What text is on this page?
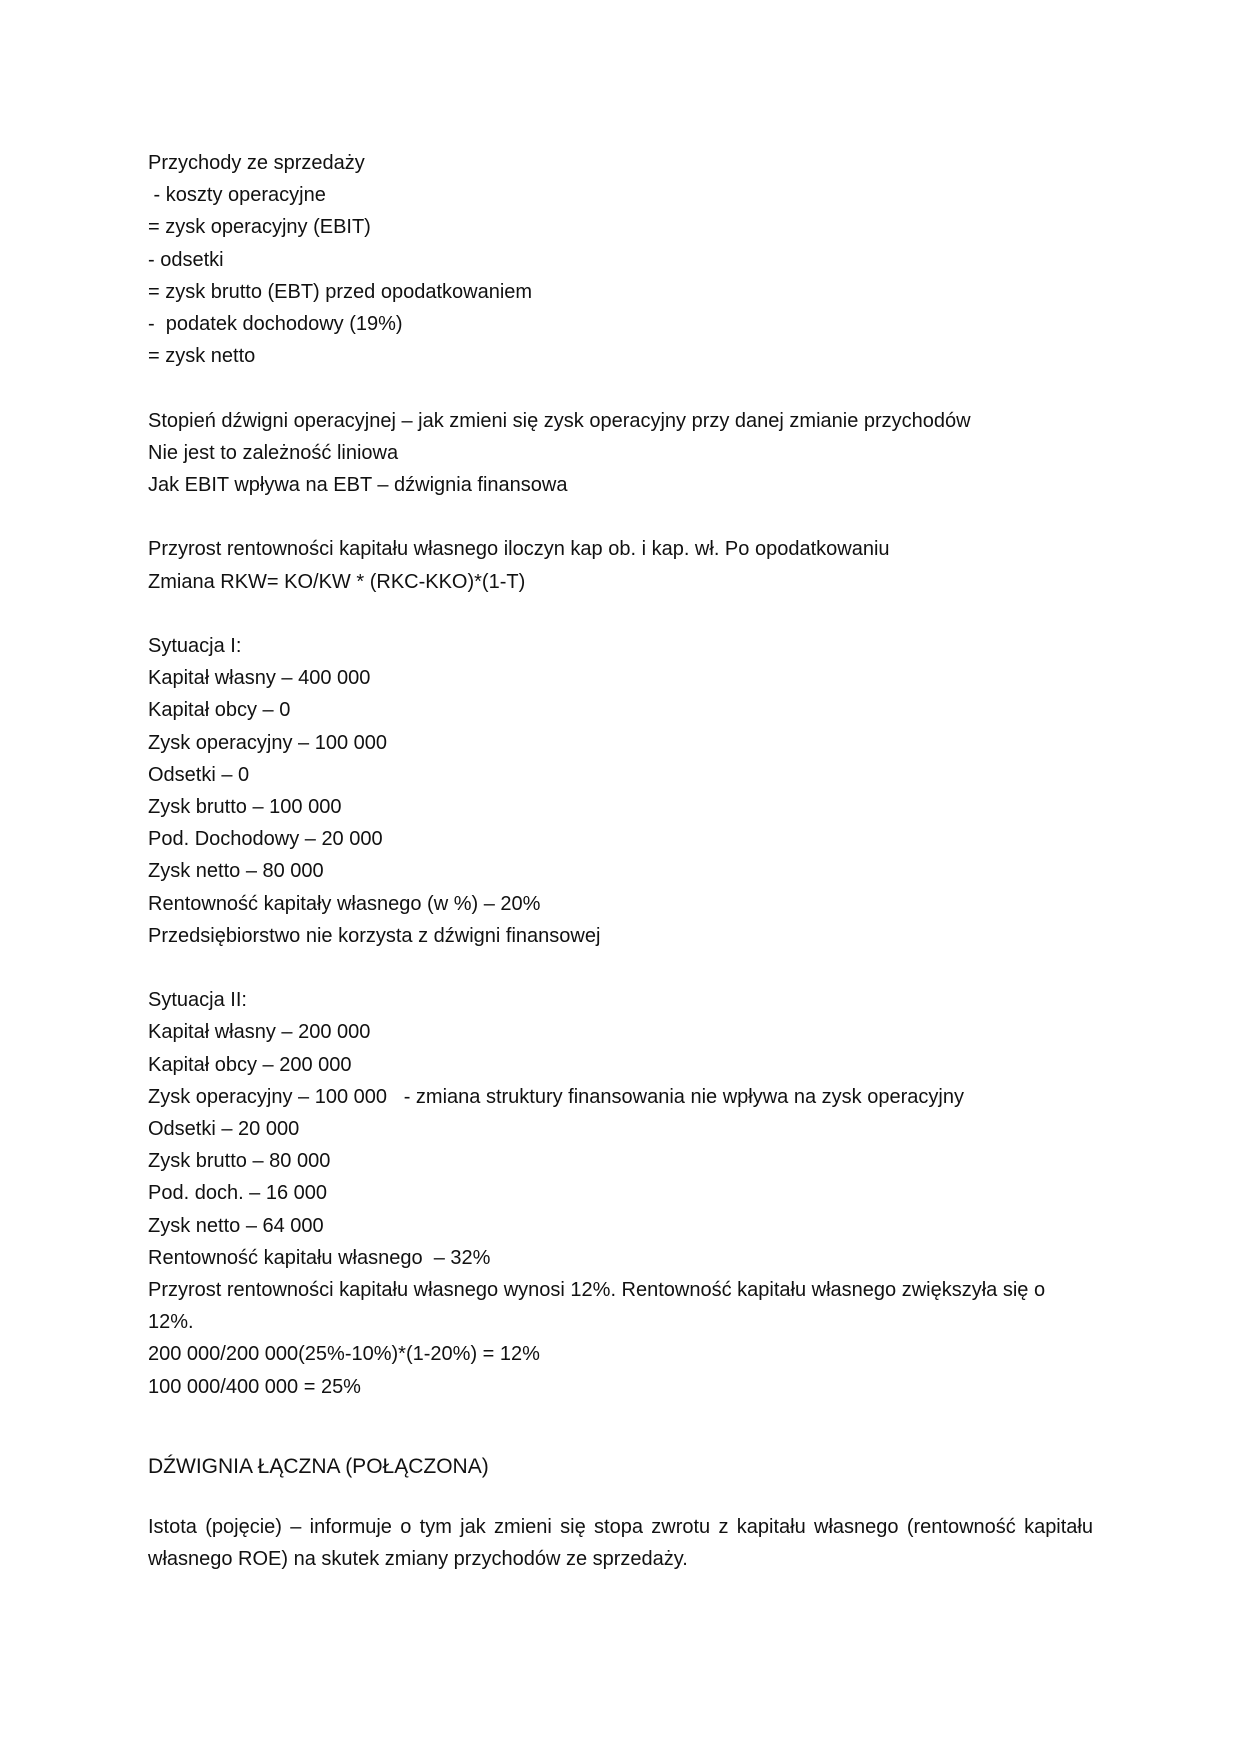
Przychody ze sprzedaży

- koszty operacyjne

= zysk operacyjny (EBIT)

- odsetki

= zysk brutto (EBT) przed opodatkowaniem

-  podatek dochodowy (19%)

= zysk netto

Stopień dźwigni operacyjnej – jak zmieni się zysk operacyjny przy danej zmianie przychodów

Nie jest to zależność liniowa

Jak EBIT wpływa na EBT – dźwignia finansowa

Przyrost rentowności kapitału własnego iloczyn kap ob. i kap. wł. Po opodatkowaniu

Zmiana RKW= KO/KW * (RKC-KKO)*(1-T)

Sytuacja I:

Kapitał własny – 400 000

Kapitał obcy – 0

Zysk operacyjny – 100 000

Odsetki – 0

Zysk brutto – 100 000

Pod. Dochodowy – 20 000

Zysk netto – 80 000

Rentowność kapitały własnego (w %) – 20%

Przedsiębiorstwo nie korzysta z dźwigni finansowej

Sytuacja II:

Kapitał własny – 200 000

Kapitał obcy – 200 000

Zysk operacyjny – 100 000   - zmiana struktury finansowania nie wpływa na zysk operacyjny

Odsetki – 20 000

Zysk brutto – 80 000

Pod. doch. – 16 000

Zysk netto – 64 000

Rentowność kapitału własnego  – 32%

Przyrost rentowności kapitału własnego wynosi 12%. Rentowność kapitału własnego zwiększyła się o 12%.

200 000/200 000(25%-10%)*(1-20%) = 12%

100 000/400 000 = 25%

DŹWIGNIA ŁĄCZNA (POŁĄCZONA)

Istota (pojęcie) – informuje o tym jak zmieni się stopa zwrotu z kapitału własnego (rentowność kapitału własnego ROE) na skutek zmiany przychodów ze sprzedaży.
